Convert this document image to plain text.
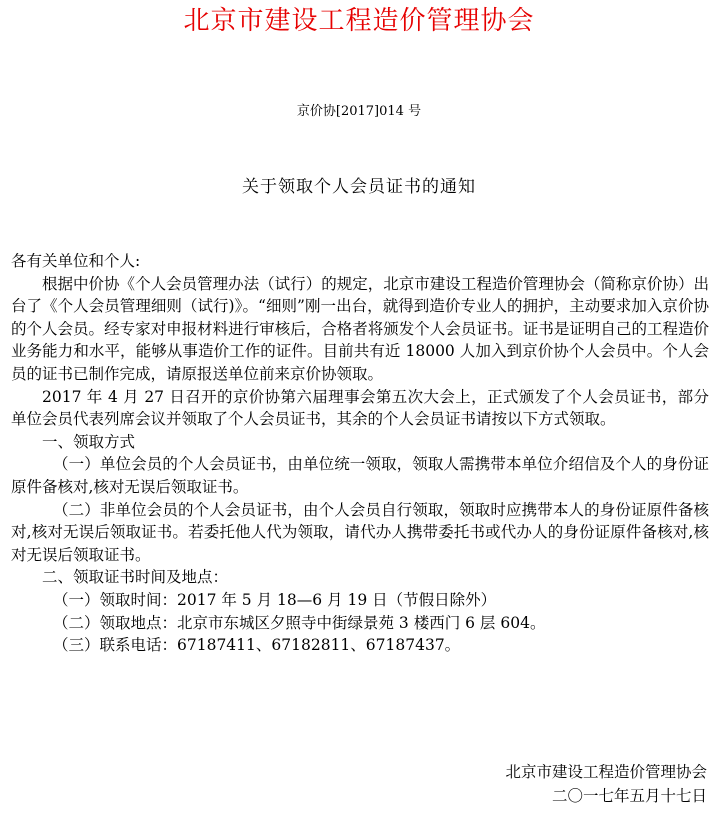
北京市建设工程造价管理协会
京价协[2017]014 号
关于领取个人会员证书的通知

各有关单位和个人:

根据中价协《个人会员管理办法（试行）的规定，北京市建设工程造价管理协会（简称京价协）出台了《个人会员管理细则（试行)》。“细则”刚一出台，就得到造价专业人的拥护，主动要求加入京价协的个人会员。经专家对申报材料进行审核后，合格者将颁发个人会员证书。证书是证明自己的工程造价业务能力和水平，能够从事造价工作的证件。目前共有近 18000 人加入到京价协个人会员中。个人会员的证书已制作完成，请原报送单位前来京价协领取。

2017 年 4 月 27 日召开的京价协第六届理事会第五次大会上，正式颁发了个人会员证书，部分单位会员代表列席会议并领取了个人会员证书，其余的个人会员证书请按以下方式领取。

一、领取方式

（一）单位会员的个人会员证书，由单位统一领取，领取人需携带本单位介绍信及个人的身份证原件备核对,核对无误后领取证书。

（二）非单位会员的个人会员证书，由个人会员自行领取，领取时应携带本人的身份证原件备核对,核对无误后领取证书。若委托他人代为领取，请代办人携带委托书或代办人的身份证原件备核对,核对无误后领取证书。

二、领取证书时间及地点：

（一）领取时间：2017 年 5 月 18—6 月 19 日（节假日除外）

（二）领取地点：北京市东城区夕照寺中街绿景苑 3 楼西门 6 层 604。

（三）联系电话：67187411、67182811、67187437。

北京市建设工程造价管理协会
二〇一七年五月十七日
